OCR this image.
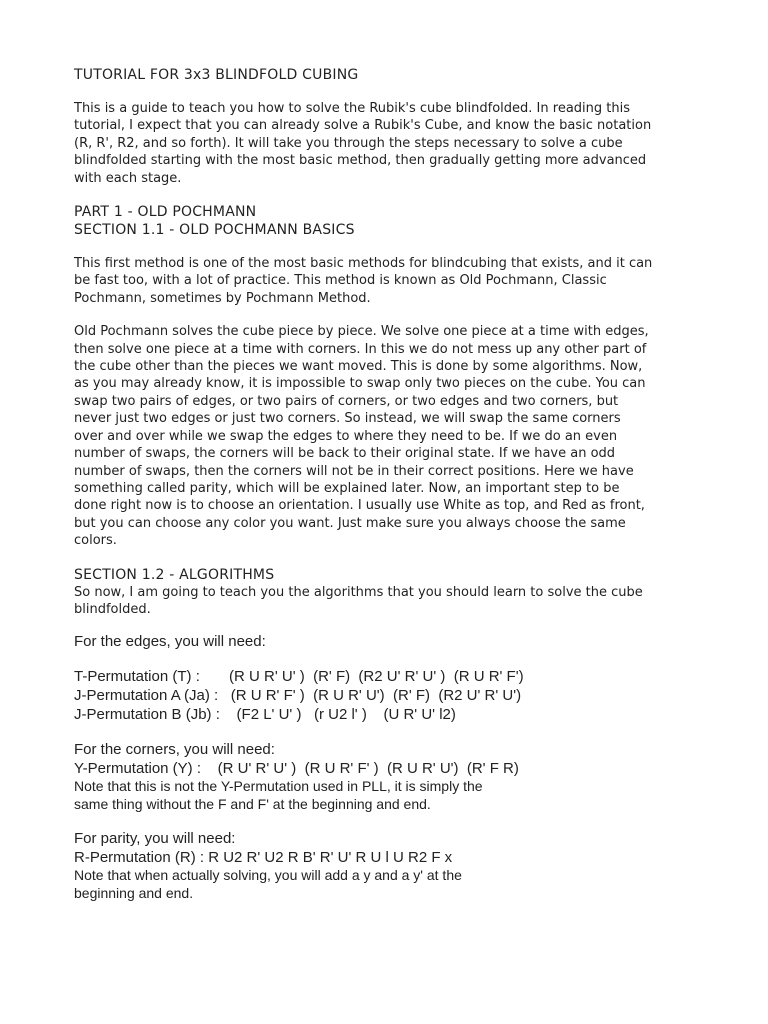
TUTORIAL FOR 3x3 BLINDFOLD CUBING

This is a guide to teach you how to solve the Rubik's cube blindfolded. In reading this

tutorial, I expect that you can already solve a Rubik's Cube, and know the basic notation

(R, R', R2, and so forth). It will take you through the steps necessary to solve a cube

blindfolded starting with the most basic method, then gradually getting more advanced

with each stage.

PART 1 - OLD POCHMANN

SECTION 1.1 - OLD POCHMANN BASICS

This first method is one of the most basic methods for blindcubing that exists, and it can

be fast too, with a lot of practice. This method is known as Old Pochmann, Classic

Pochmann, sometimes by Pochmann Method.

Old Pochmann solves the cube piece by piece. We solve one piece at a time with edges,

then solve one piece at a time with corners. In this we do not mess up any other part of

the cube other than the pieces we want moved. This is done by some algorithms. Now,

as you may already know, it is impossible to swap only two pieces on the cube. You can

swap two pairs of edges, or two pairs of corners, or two edges and two corners, but

never just two edges or just two corners. So instead, we will swap the same corners

over and over while we swap the edges to where they need to be. If we do an even

number of swaps, the corners will be back to their original state. If we have an odd

number of swaps, then the corners will not be in their correct positions. Here we have

something called parity, which will be explained later. Now, an important step to be

done right now is to choose an orientation. I usually use White as top, and Red as front,

but you can choose any color you want. Just make sure you always choose the same

colors.

SECTION 1.2 - ALGORITHMS

So now, I am going to teach you the algorithms that you should learn to solve the cube

blindfolded.

For the edges, you will need:

T-Permutation (T) :       (R U R' U' )  (R' F)  (R2 U' R' U' )  (R U R' F')

J-Permutation A (Ja) :   (R U R' F' )  (R U R' U')  (R' F)  (R2 U' R' U')

J-Permutation B (Jb) :    (F2 L' U' )   (r U2 l' )    (U R' U' l2)

For the corners, you will need:

Y-Permutation (Y) :    (R U' R' U' )  (R U R' F' )  (R U R' U')  (R' F R)

Note that this is not the Y-Permutation used in PLL, it is simply the

same thing without the F and F' at the beginning and end.

For parity, you will need:

R-Permutation (R) : R U2 R' U2 R B' R' U' R U l U R2 F x

Note that when actually solving, you will add a y and a y' at the

beginning and end.
